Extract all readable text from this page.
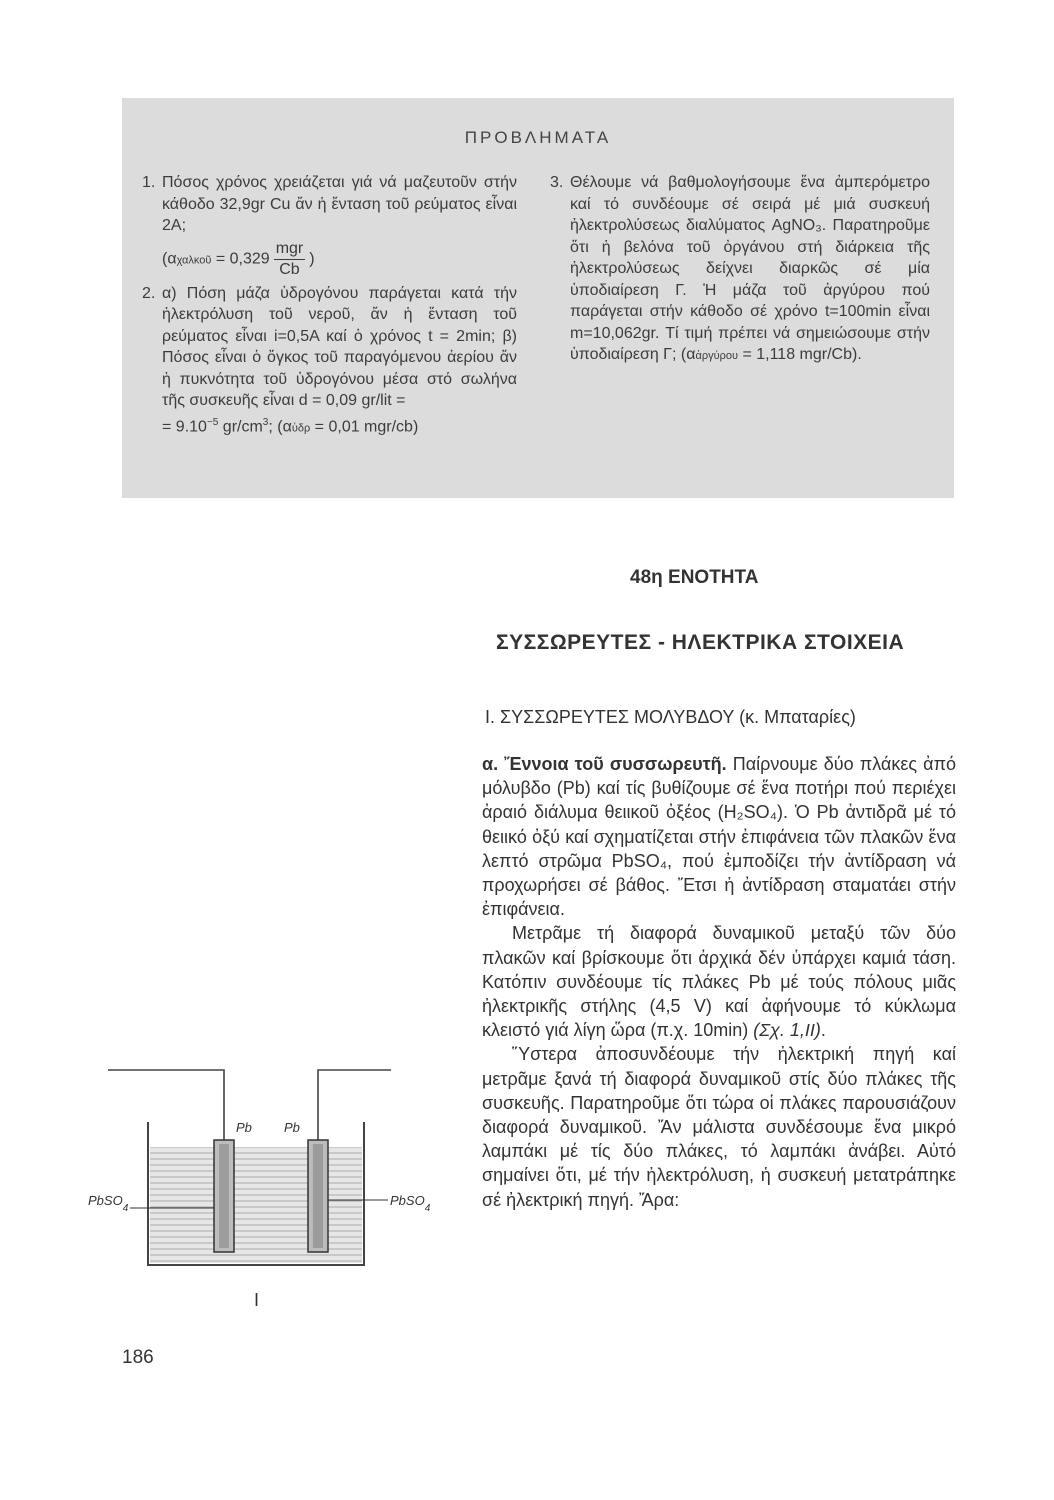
ΠΡΟΒΛΗΜΑΤΑ
1. Πόσος χρόνος χρειάζεται γιά νά μαζευτοῦν στήν κάθοδο 32,9gr Cu ἄν ἡ ἔνταση τοῦ ρεύματος εἶναι 2A;
(αχαλκοῦ = $0,329 \frac{\text{mgr}}{Cb}$ )
2. α) Πόση μάζα ὑδρογόνου παράγεται κατά τήν ἠλεκτρόλυση τοῦ νεροῦ, ἄν ἡ ἔνταση τοῦ ρεύματος εἶναι i=0,5A καί ὁ χρόνος t = 2min; β) Πόσος εἶναι ὁ ὄγκος τοῦ παραγόμενου ἀερίου ἄν ἡ πυκνότητα τοῦ ὑδρογόνου μέσα στό σωλήνα τῆς συσκευῆς εἶναι d = 0,09 gr/lit =
= $9.10^{-5}$ $gr/cm^3$; (αὑδρ = 0,01 mgr/cb)
3. Θέλουμε νά βαθμολογήσουμε ἕνα ἀμπερόμετρο καί τό συνδέουμε σέ σειρά μέ μιά συσκευή ἠλεκτρολύσεως διαλύματος AgNO₃. Παρατηροῦμε ὅτι ἡ βελόνα τοῦ ὀργάνου στή διάρκεια τῆς ἠλεκτρολύσεως δείχνει διαρκῶς σέ μία ὑποδιαίρεση Γ. Ἡ μάζα τοῦ ἀργύρου πού παράγεται στήν κάθοδο σέ χρόνο t=100min εἶναι m=10,062gr. Τί τιμή πρέπει νά σημειώσουμε στήν ὑποδιαίρεση Γ; (αἀργύρου = 1,118 mgr/Cb).
48η ΕΝΟΤΗΤΑ
ΣΥΣΣΩΡΕΥΤΕΣ - ΗΛΕΚΤΡΙΚΑ ΣΤΟΙΧΕΙΑ
Ι. ΣΥΣΣΩΡΕΥΤΕΣ ΜΟΛΥΒΔΟΥ (κ. Μπαταρίες)

α. Ἔννοια τοῦ συσσωρευτῆ. Παίρνουμε δύο πλάκες ἀπό μόλυβδο (Pb) καί τίς βυθίζουμε σέ ἕνα ποτήρι πού περιέχει ἀραιό διάλυμα θειικοῦ ὀξέος (H₂SO₄). Ὁ Pb ἀντιδρᾶ μέ τό θειικό ὀξύ καί σχηματίζεται στήν ἐπιφάνεια τῶν πλακῶν ἕνα λεπτό στρῶμα PbSO₄, πού ἐμποδίζει τήν ἀντίδραση νά προχωρήσει σέ βάθος. Ἔτσι ἡ ἀντίδραση σταματάει στήν ἐπιφάνεια.

Μετρᾶμε τή διαφορά δυναμικοῦ μεταξύ τῶν δύο πλακῶν καί βρίσκουμε ὅτι ἀρχικά δέν ὑπάρχει καμιά τάση. Κατόπιν συνδέουμε τίς πλάκες Pb μέ τούς πόλους μιᾶς ἠλεκτρικῆς στήλης (4,5 V) καί ἀφήνουμε τό κύκλωμα κλειστό γιά λίγη ὥρα (π.χ. 10min) (Σχ. 1,ΙΙ).

Ὕστερα ἀποσυνδέουμε τήν ἠλεκτρική πηγή καί μετρᾶμε ξανά τή διαφορά δυναμικοῦ στίς δύο πλάκες τῆς συσκευῆς. Παρατηροῦμε ὅτι τώρα οἱ πλάκες παρουσιάζουν διαφορά δυναμικοῦ. Ἄν μάλιστα συνδέσουμε ἕνα μικρό λαμπάκι μέ τίς δύο πλάκες, τό λαμπάκι ἀνάβει. Αὐτό σημαίνει ὅτι, μέ τήν ἠλεκτρόλυση, ἡ συσκευή μετατράπηκε σέ ἠλεκτρική πηγή. Ἄρα:

Pb Pb
PbSO$_4$
PbSO$_4$
I
186
